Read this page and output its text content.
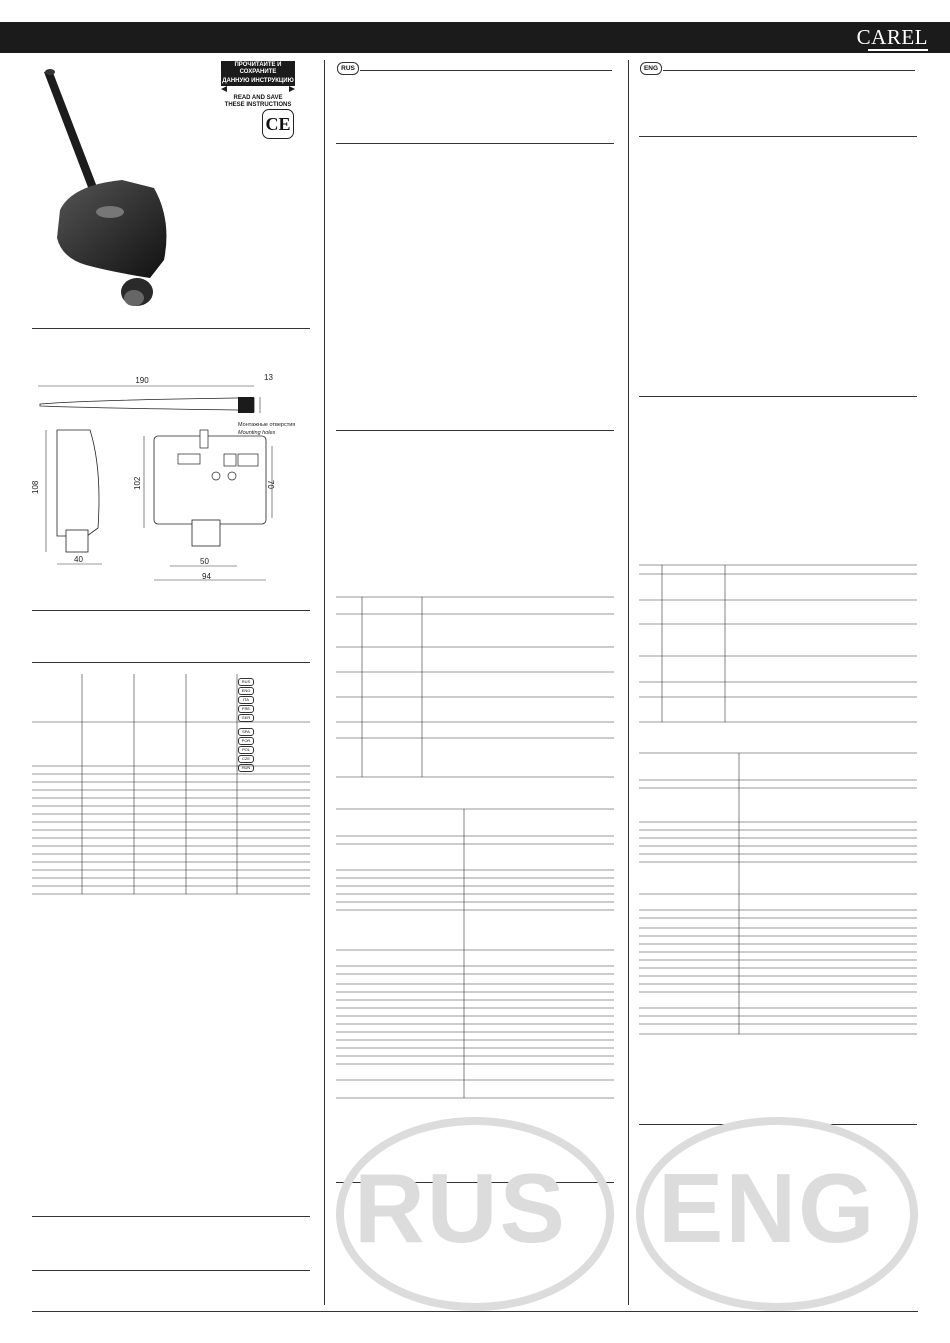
CAREL
ПРОЧИТАЙТЕ И СОХРАНИТЕ
ДАННУЮ ИНСТРУКЦИЮ
READ AND SAVE
THESE INSTRUCTIONS
CE
190	13
108
40
102	70
50
94
Монтажные отверстия
Mounting holes
RUS
ENG
ITA
FRE
GER
SPA
POR
POL
CZE
HUN
RUS	ENG
RUS ENG
